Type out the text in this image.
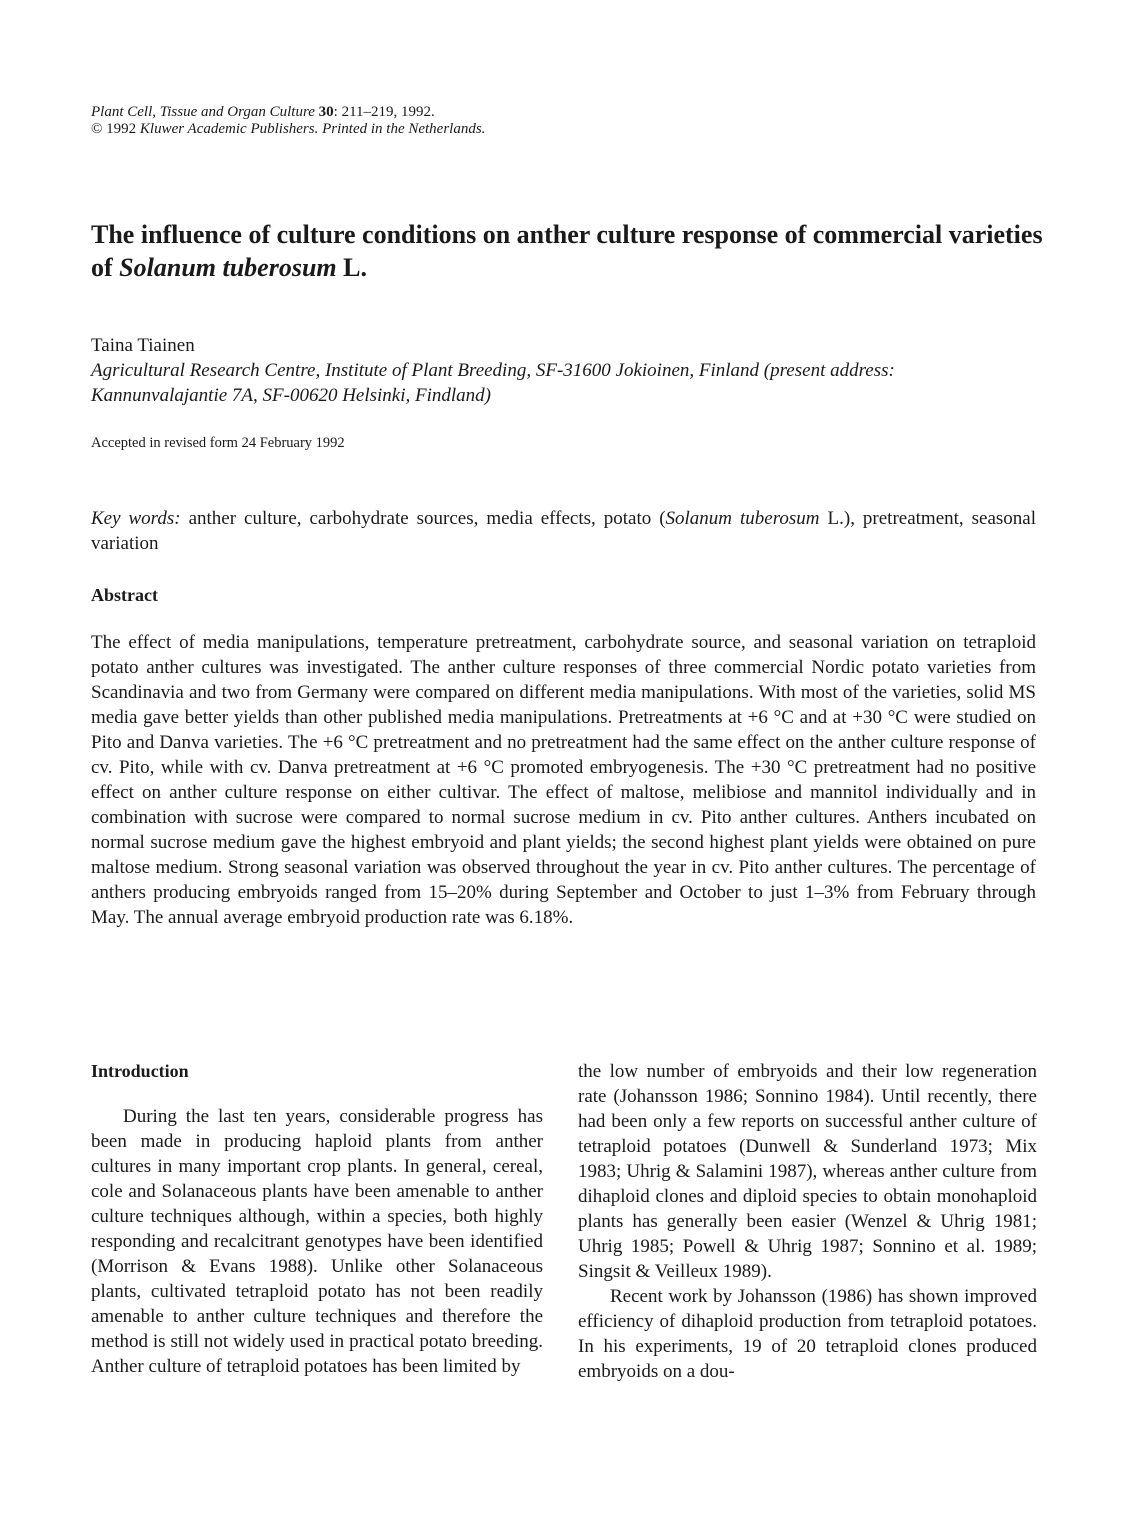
Plant Cell, Tissue and Organ Culture 30: 211–219, 1992.
© 1992 Kluwer Academic Publishers. Printed in the Netherlands.
The influence of culture conditions on anther culture response of commercial varieties of Solanum tuberosum L.
Taina Tiainen
Agricultural Research Centre, Institute of Plant Breeding, SF-31600 Jokioinen, Finland (present address:
Kannunvalajantie 7A, SF-00620 Helsinki, Findland)
Accepted in revised form 24 February 1992
Key words: anther culture, carbohydrate sources, media effects, potato (Solanum tuberosum L.), pretreatment, seasonal variation
Abstract

The effect of media manipulations, temperature pretreatment, carbohydrate source, and seasonal variation on tetraploid potato anther cultures was investigated. The anther culture responses of three commercial Nordic potato varieties from Scandinavia and two from Germany were compared on different media manipulations. With most of the varieties, solid MS media gave better yields than other published media manipulations. Pretreatments at +6 °C and at +30 °C were studied on Pito and Danva varieties. The +6 °C pretreatment and no pretreatment had the same effect on the anther culture response of cv. Pito, while with cv. Danva pretreatment at +6 °C promoted embryogenesis. The +30 °C pretreatment had no positive effect on anther culture response on either cultivar. The effect of maltose, melibiose and mannitol individually and in combination with sucrose were compared to normal sucrose medium in cv. Pito anther cultures. Anthers incubated on normal sucrose medium gave the highest embryoid and plant yields; the second highest plant yields were obtained on pure maltose medium. Strong seasonal variation was observed throughout the year in cv. Pito anther cultures. The percentage of anthers producing embryoids ranged from 15–20% during September and October to just 1–3% from February through May. The annual average embryoid production rate was 6.18%.

Introduction

During the last ten years, considerable progress has been made in producing haploid plants from anther cultures in many important crop plants. In general, cereal, cole and Solanaceous plants have been amenable to anther culture techniques although, within a species, both highly responding and recalcitrant genotypes have been identified (Morrison & Evans 1988). Unlike other Solanaceous plants, cultivated tetraploid potato has not been readily amenable to anther culture techniques and therefore the method is still not widely used in practical potato breeding. Anther culture of tetraploid potatoes has been limited by

the low number of embryoids and their low regeneration rate (Johansson 1986; Sonnino 1984). Until recently, there had been only a few reports on successful anther culture of tetraploid potatoes (Dunwell & Sunderland 1973; Mix 1983; Uhrig & Salamini 1987), whereas anther culture from dihaploid clones and diploid species to obtain monohaploid plants has generally been easier (Wenzel & Uhrig 1981; Uhrig 1985; Powell & Uhrig 1987; Sonnino et al. 1989; Singsit & Veilleux 1989).

Recent work by Johansson (1986) has shown improved efficiency of dihaploid production from tetraploid potatoes. In his experiments, 19 of 20 tetraploid clones produced embryoids on a dou-
